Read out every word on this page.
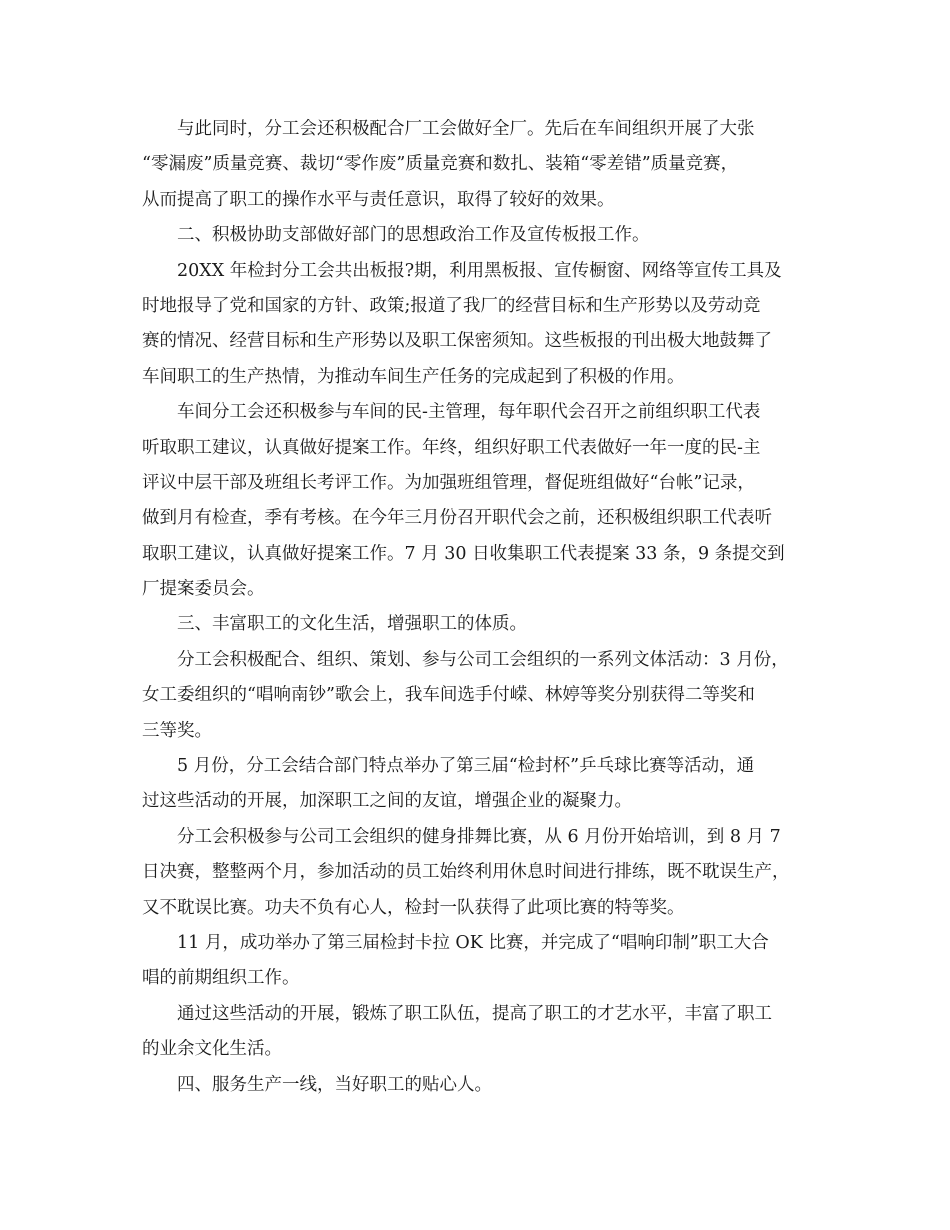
与此同时，分工会还积极配合厂工会做好全厂。先后在车间组织开展了大张
“零漏废”质量竞赛、裁切“零作废”质量竞赛和数扎、装箱“零差错”质量竞赛，
从而提高了职工的操作水平与责任意识，取得了较好的效果。
二、积极协助支部做好部门的思想政治工作及宣传板报工作。
20XX 年检封分工会共出板报?期，利用黑板报、宣传橱窗、网络等宣传工具及
时地报导了党和国家的方针、政策;报道了我厂的经营目标和生产形势以及劳动竞
赛的情况、经营目标和生产形势以及职工保密须知。这些板报的刊出极大地鼓舞了
车间职工的生产热情，为推动车间生产任务的完成起到了积极的作用。
车间分工会还积极参与车间的民-主管理，每年职代会召开之前组织职工代表
听取职工建议，认真做好提案工作。年终，组织好职工代表做好一年一度的民-主
评议中层干部及班组长考评工作。为加强班组管理，督促班组做好“台帐”记录，
做到月有检查，季有考核。在今年三月份召开职代会之前，还积极组织职工代表听
取职工建议，认真做好提案工作。7 月 30 日收集职工代表提案 33 条，9 条提交到
厂提案委员会。
三、丰富职工的文化生活，增强职工的体质。
分工会积极配合、组织、策划、参与公司工会组织的一系列文体活动：3 月份，
女工委组织的“唱响南钞”歌会上，我车间选手付嵘、林婷等奖分别获得二等奖和
三等奖。
5 月份，分工会结合部门特点举办了第三届“检封杯”乒乓球比赛等活动，通
过这些活动的开展，加深职工之间的友谊，增强企业的凝聚力。
分工会积极参与公司工会组织的健身排舞比赛，从 6 月份开始培训，到 8 月 7
日决赛，整整两个月，参加活动的员工始终利用休息时间进行排练，既不耽误生产，
又不耽误比赛。功夫不负有心人，检封一队获得了此项比赛的特等奖。
11 月，成功举办了第三届检封卡拉 OK 比赛，并完成了“唱响印制”职工大合
唱的前期组织工作。
通过这些活动的开展，锻炼了职工队伍，提高了职工的才艺水平，丰富了职工
的业余文化生活。
四、服务生产一线，当好职工的贴心人。
